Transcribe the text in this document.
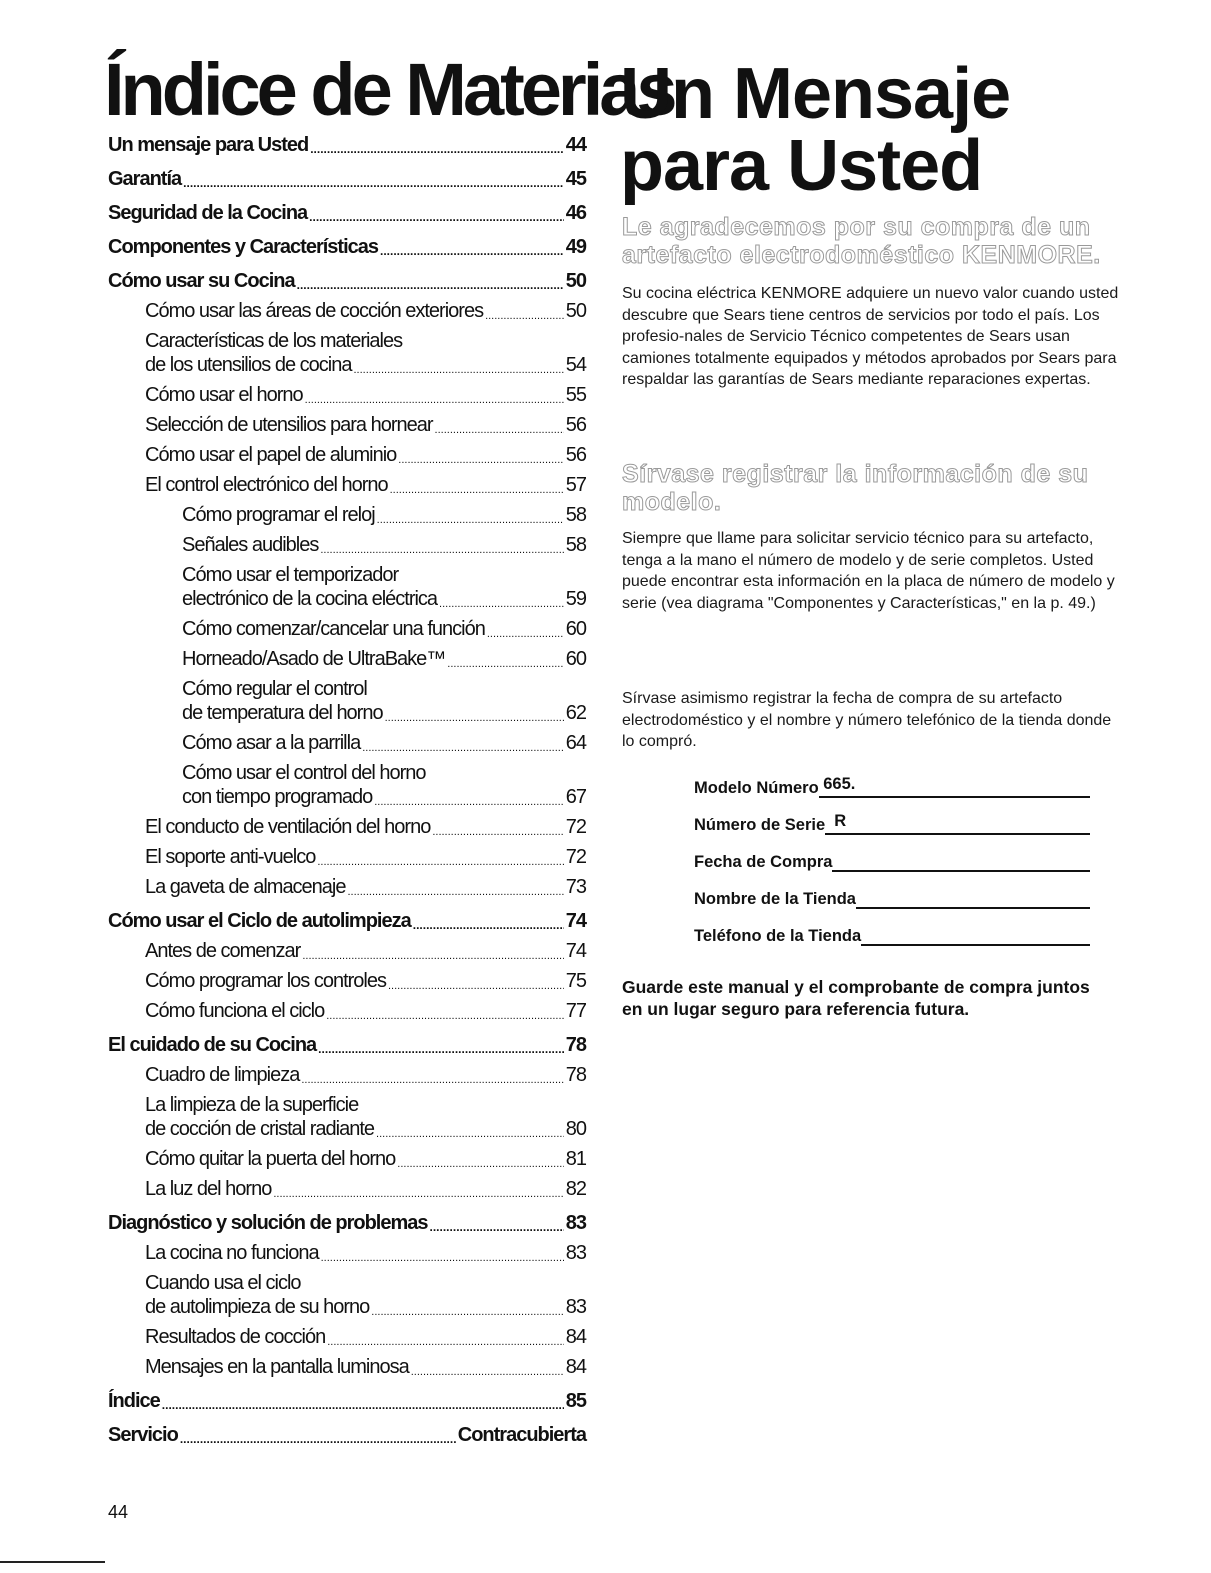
Índice de Materias
Un mensaje para Usted .....	44
Garantía .....	45
Seguridad de la Cocina .....	46
Componentes y Características .....	49
Cómo usar su Cocina .....	50
Cómo usar las áreas de cocción exteriores .....	50
Características de los materiales
de los utensilios de cocina .....	54
Cómo usar el horno .....	55
Selección de utensilios para hornear .....	56
Cómo usar el papel de aluminio .....	56
El control electrónico del horno .....	57
Cómo programar el reloj .....	58
Señales audibles .....	58
Cómo usar el temporizador
electrónico de la cocina eléctrica .....	59
Cómo comenzar/cancelar una función .....	60
Horneado/Asado de UltraBake™ .....	60
Cómo regular el control
de temperatura del horno .....	62
Cómo asar a la parrilla .....	64
Cómo usar el control del horno
con tiempo programado .....	67
El conducto de ventilación del horno .....	72
El soporte anti-vuelco .....	72
La gaveta de almacenaje .....	73
Cómo usar el Ciclo de autolimpieza .....	74
Antes de comenzar .....	74
Cómo programar los controles .....	75
Cómo funciona el ciclo .....	77
El cuidado de su Cocina .....	78
Cuadro de limpieza .....	78
La limpieza de la superficie
de cocción de cristal radiante .....	80
Cómo quitar la puerta del horno .....	81
La luz del horno .....	82
Diagnóstico y solución de problemas .....	83
La cocina no funciona .....	83
Cuando usa el ciclo
de autolimpieza de su horno .....	83
Resultados de cocción .....	84
Mensajes en la pantalla luminosa .....	84
Índice .....	85
Servicio .....	Contracubierta
44
Un Mensaje
para Usted
Le agradecemos por su compra de un artefacto electrodoméstico KENMORE.

Su cocina eléctrica KENMORE adquiere un nuevo valor cuando usted descubre que Sears tiene centros de servicios por todo el país. Los profesio-nales de Servicio Técnico competentes de Sears usan camiones totalmente equipados y métodos aprobados por Sears para respaldar las garantías de Sears mediante reparaciones expertas.

Sírvase registrar la información de su modelo.

Siempre que llame para solicitar servicio técnico para su artefacto, tenga a la mano el número de modelo y de serie completos. Usted puede encontrar esta información en la placa de número de modelo y serie (vea diagrama "Componentes y Características," en la p. 49.)

Sírvase asimismo registrar la fecha de compra de su artefacto electrodoméstico y el nombre y número telefónico de la tienda donde lo compró.

Modelo Número 665.
Número de Serie R
Fecha de Compra
Nombre de la Tienda
Teléfono de la Tienda

Guarde este manual y el comprobante de compra juntos en un lugar seguro para referencia futura.
